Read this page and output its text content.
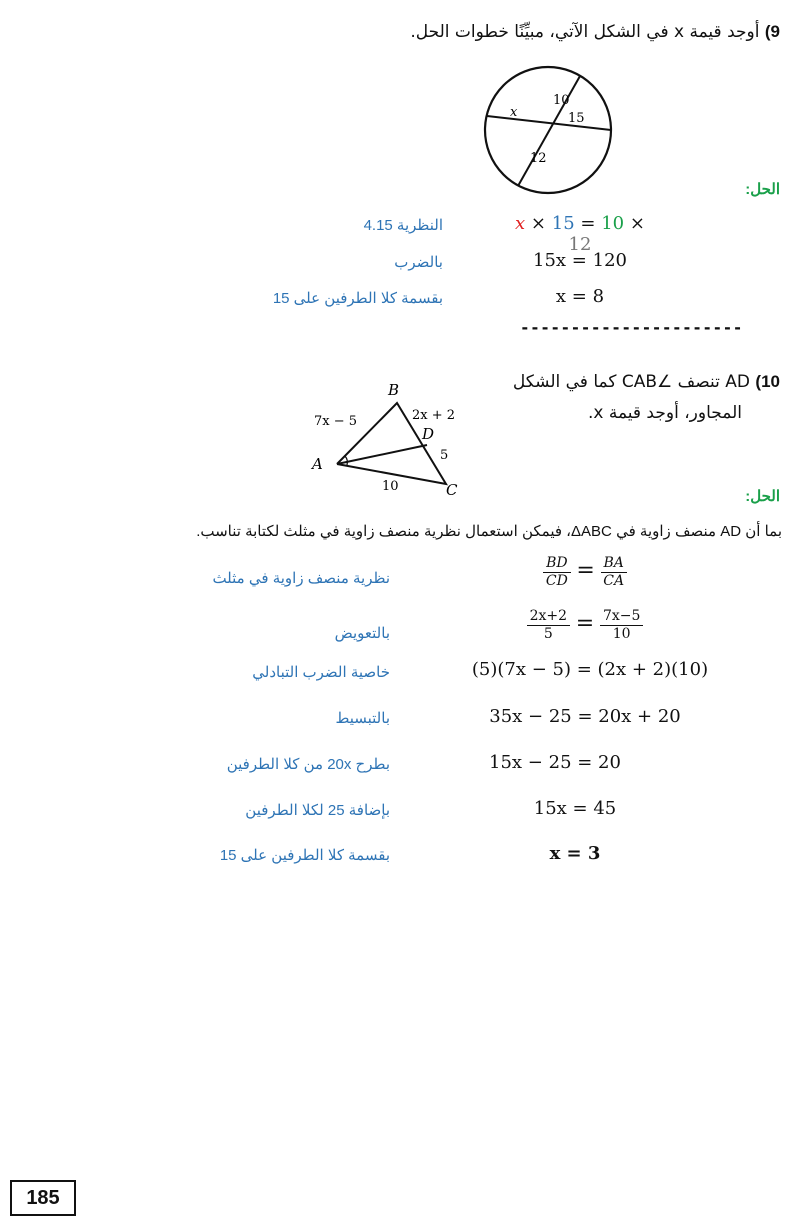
9) أوجد قيمة x في الشكل الآتي، مبيِّنًا خطوات الحل.
x
10
15
12
الحل:
النظرية 4.15	x × 15 = 10 × 12
بالضرب	15x = 120
بقسمة كلا الطرفين على 15	x = 8
----------------------
10) AD تنصف ∠CAB كما في الشكل
المجاور، أوجد قيمة x.
B
A
C
D
7x − 5	2x + 2
5
10
الحل:
بما أن AD منصف زاوية في ΔABC، فيمكن استعمال نظرية منصف زاوية في مثلث لكتابة تناسب.
نظرية منصف زاوية في مثلث	$\frac{BD}{CD} = \frac{BA}{CA}$
بالتعويض	$\frac{2x+2}{5} = \frac{7x-5}{10}$
خاصية الضرب التبادلي	(5)(7x − 5) = (2x + 2)(10)
بالتبسيط	35x − 25 = 20x + 20
بطرح 20x من كلا الطرفين	15x − 25 = 20
بإضافة 25 لكلا الطرفين	15x = 45
بقسمة كلا الطرفين على 15	x = 3
185
